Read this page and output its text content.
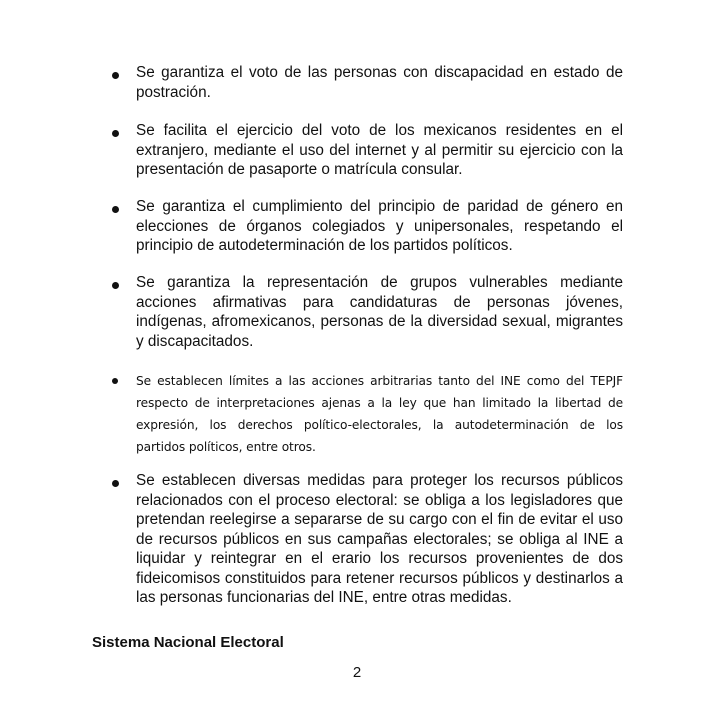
Se garantiza el voto de las personas con discapacidad en estado de postración.

Se facilita el ejercicio del voto de los mexicanos residentes en el extranjero, mediante el uso del internet y al permitir su ejercicio con la presentación de pasaporte o matrícula consular.

Se garantiza el cumplimiento del principio de paridad de género en elecciones de órganos colegiados y unipersonales, respetando el principio de autodeterminación de los partidos políticos.

Se garantiza la representación de grupos vulnerables mediante acciones afirmativas para candidaturas de personas jóvenes, indígenas, afromexicanos, personas de la diversidad sexual, migrantes y discapacitados.

Se establecen límites a las acciones arbitrarias tanto del INE como del TEPJF respecto de interpretaciones ajenas a la ley que han limitado la libertad de expresión, los derechos político-electorales, la autodeterminación de los partidos políticos, entre otros.

Se establecen diversas medidas para proteger los recursos públicos relacionados con el proceso electoral: se obliga a los legisladores que pretendan reelegirse a separarse de su cargo con el fin de evitar el uso de recursos públicos en sus campañas electorales; se obliga al INE a liquidar y reintegrar en el erario los recursos provenientes de dos fideicomisos constituidos para retener recursos públicos y destinarlos a las personas funcionarias del INE, entre otras medidas.

Sistema Nacional Electoral

2
